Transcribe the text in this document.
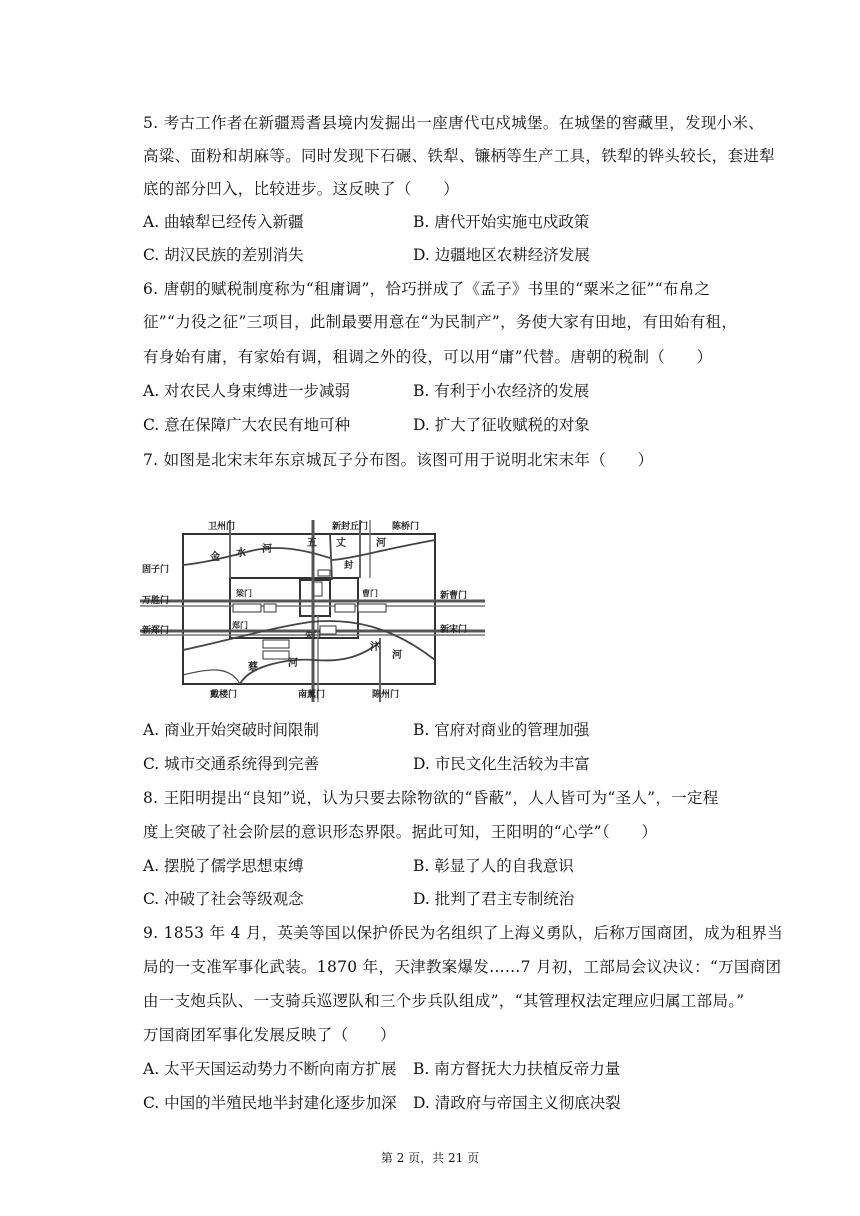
5. 考古工作者在新疆焉耆县境内发掘出一座唐代屯戍城堡。在城堡的窖藏里，发现小米、
高粱、面粉和胡麻等。同时发现下石碾、铁犁、镰柄等生产工具，铁犁的铧头较长，套进犁
底的部分凹入，比较进步。这反映了（　　）
A. 曲辕犁已经传入新疆	B. 唐代开始实施屯戍政策
C. 胡汉民族的差别消失	D. 边疆地区农耕经济发展
6. 唐朝的赋税制度称为“租庸调”，恰巧拼成了《孟子》书里的“粟米之征”“布帛之
征”“力役之征”三项目，此制最要用意在“为民制产”，务使大家有田地，有田始有租，
有身始有庸，有家始有调，租调之外的役，可以用“庸”代替。唐朝的税制（　　）
A. 对农民人身束缚进一步减弱	B. 有利于小农经济的发展
C. 意在保障广大农民有地可种	D. 扩大了征收赋税的对象
7. 如图是北宋末年东京城瓦子分布图。该图可用于说明北宋末年（　　）
卫州门	新封丘门	陈桥门
固子门
万胜门
新郑门
新曹门
新宋门
戴楼门	南薰门	陈州门
梁门	曹门
朱门
郑门
金 水 河
五 丈	河
封
汴
河
蔡	河
A. 商业开始突破时间限制	B. 官府对商业的管理加强
C. 城市交通系统得到完善	D. 市民文化生活较为丰富
8. 王阳明提出“良知”说，认为只要去除物欲的“昏蔽”，人人皆可为“圣人”，一定程
度上突破了社会阶层的意识形态界限。据此可知，王阳明的“心学”（　　）
A. 摆脱了儒学思想束缚	B. 彰显了人的自我意识
C. 冲破了社会等级观念	D. 批判了君主专制统治
9. 1853 年 4 月，英美等国以保护侨民为名组织了上海义勇队，后称万国商团，成为租界当
局的一支准军事化武装。1870 年，天津教案爆发……7 月初，工部局会议决议：“万国商团
由一支炮兵队、一支骑兵巡逻队和三个步兵队组成”，“其管理权法定理应归属工部局。”
万国商团军事化发展反映了（　　）
A. 太平天国运动势力不断向南方扩展 B. 南方督抚大力扶植反帝力量
C. 中国的半殖民地半封建化逐步加深 D. 清政府与帝国主义彻底决裂
第 2 页，共 21 页
